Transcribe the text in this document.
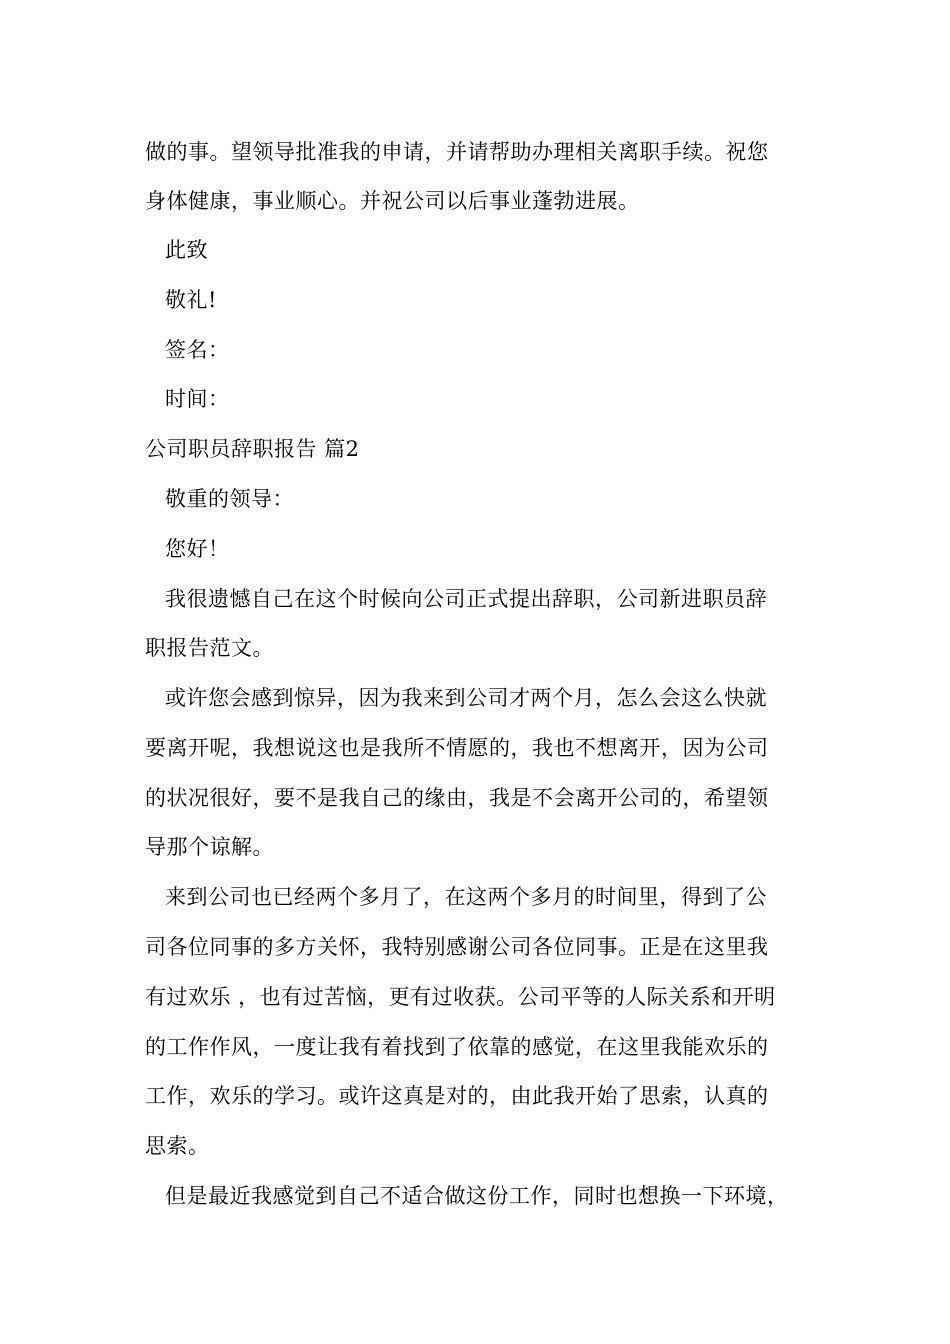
做的事。望领导批准我的申请，并请帮助办理相关离职手续。祝您
身体健康，事业顺心。并祝公司以后事业蓬勃进展。
此致
敬礼!
签名：
时间：
公司职员辞职报告 篇2
敬重的领导：
您好！
我很遗憾自己在这个时候向公司正式提出辞职，公司新进职员辞
职报告范文。
或许您会感到惊异，因为我来到公司才两个月，怎么会这么快就
要离开呢，我想说这也是我所不情愿的，我也不想离开，因为公司
的状况很好，要不是我自己的缘由，我是不会离开公司的，希望领
导那个谅解。
来到公司也已经两个多月了，在这两个多月的时间里，得到了公
司各位同事的多方关怀，我特别感谢公司各位同事。正是在这里我
有过欢乐 ，也有过苦恼，更有过收获。公司平等的人际关系和开明
的工作作风，一度让我有着找到了依靠的感觉，在这里我能欢乐的
工作，欢乐的学习。或许这真是对的，由此我开始了思索，认真的
思索。
但是最近我感觉到自己不适合做这份工作，同时也想换一下环境，
